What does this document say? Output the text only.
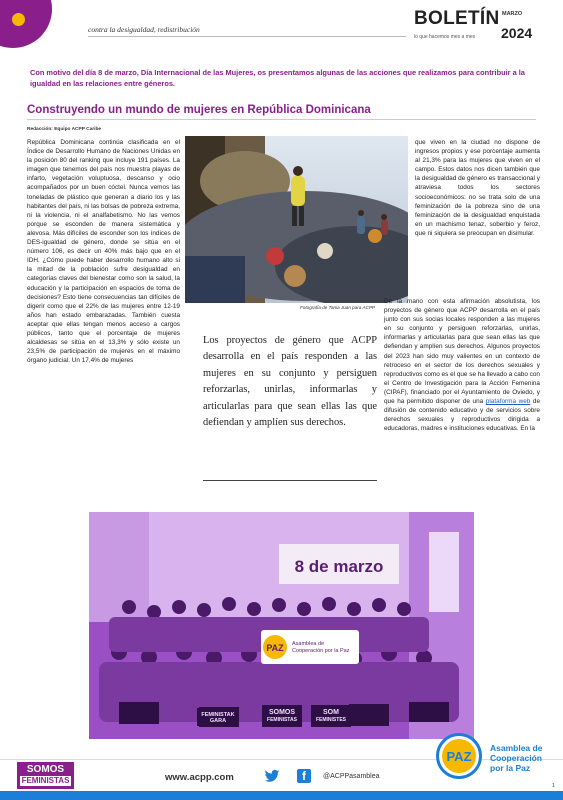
contra la desigualdad, redistribución
BOLETÍN MARZO
2024
lo que hacemos mes a mes
Con motivo del día 8 de marzo, Día Internacional de las Mujeres, os presentamos algunas de las acciones que realizamos para contribuir a la igualdad en las relaciones entre géneros.
Construyendo un mundo de mujeres en República Dominicana
Redacción: Equipo ACPP Caribe
República Dominicana continúa clasificada en el Índice de Desarrollo Humano de Naciones Unidas en la posición 80 del ranking que incluye 191 países. La imagen que tenemos del país nos muestra playas de infarto, vegetación voluptuosa, descanso y ocio acompañados por un buen cóctel. Nunca vemos las toneladas de plástico que generan a diario los y las habitantes del país, ni las bolsas de pobreza extrema, ni la violencia, ni el analfabetismo. No las vemos porque se esconden de manera sistemática y alevosa. Más difíciles de esconder son los índices de DES-igualdad de género, donde se sitúa en el número 106, es decir un 40% más bajo que en el IDH. ¿Cómo puede haber desarrollo humano alto si la mitad de la población sufre desigualdad en categorías claves del bienestar como son la salud, la educación y la participación en espacios de toma de decisiones? Esto tiene consecuencias tan difíciles de digerir como que el 22% de las mujeres entre 12-19 años han estado embarazadas. También cuesta aceptar que ellas tengan menos acceso a cargos públicos, tanto que el porcentaje de mujeres alcaldesas se sitúa en el 13,3% y sólo existe un 23,5% de participación de mujeres en el máximo órgano judicial. Un 17,4% de mujeres
Fotografía de Tania Juan para ACPP
Los proyectos de género que ACPP desarrolla en el país responden a las mujeres en su conjunto y persiguen reforzarlas, unirlas, informarlas y articularlas para que sean ellas las que defiendan y amplíen sus derechos.
que viven en la ciudad no dispone de ingresos propios y ese porcentaje aumenta al 21,3% para las mujeres que viven en el campo. Estos datos nos dicen también que la desigualdad de género es transaccional y atraviesa todos los sectores socioeconómicos: no se trata solo de una feminización de la pobreza sino de una feminización de la desigualdad enquistada en un machismo tenaz, soberbio y feroz, que ni siquiera se preocupan en disimular.
De la mano con esta afirmación absolutista, los proyectos de género que ACPP desarrolla en el país junto con sus socias locales responden a las mujeres en su conjunto y persiguen reforzarlas, unirlas, informarlas y articularlas para que sean ellas las que defiendan y amplíen sus derechos. Algunos proyectos del 2023 han sido muy valientes en un contexto de retroceso en el sector de los derechos sexuales y reproductivos como es el que se ha llevado a cabo con el Centro de Investigación para la Acción Femenina (CIPAF), financiado por el Ayuntamiento de Oviedo, y que ha permitido disponer de una plataforma web de difusión de contenido educativo y de servicios sobre derechos sexuales y reproductivos dirigida a educadoras, madres e instituciones educativas. En la
8 de marzo
PAZ Asamblea de Cooperación por la Paz
FEMINISTAK GARA
SOMOS FEMINISTAS
SOM FEMINISTES
SOMOS
FEMINISTAS	www.acpp.com	f	@ACPPasamblea
PAZ
Asamblea de
Cooperación
por la Paz
1
